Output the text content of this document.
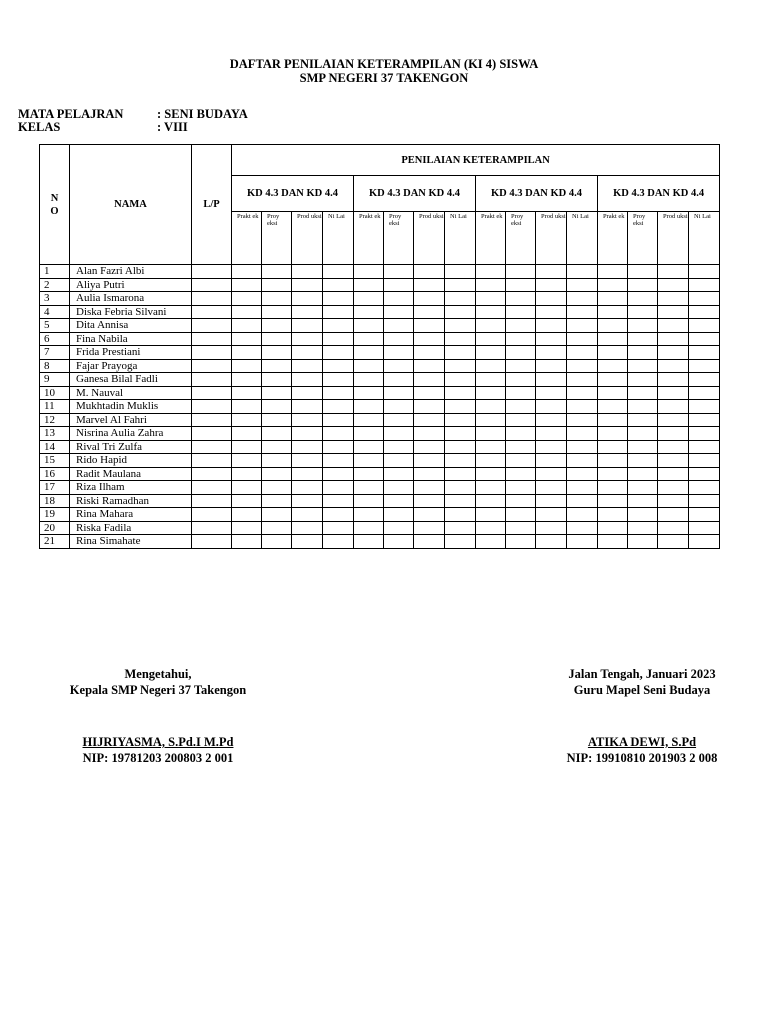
DAFTAR PENILAIAN KETERAMPILAN (KI 4) SISWA
SMP NEGERI 37 TAKENGON
MATA PELAJRAN	: SENI BUDAYA
KELAS	: VIII
N O	NAMA	L/P	PENILAIAN KETERAMPILAN															
			KD 4.3 DAN KD 4.4				KD 4.3 DAN KD 4.4				KD 4.3 DAN KD 4.4				KD 4.3 DAN KD 4.4			
			Prakt ek	Proy eksi	Prod uksi	Ni Lai	Prakt ek	Proy eksi	Prod uksi	Ni Lai	Prakt ek	Proy eksi	Prod uksi	Ni Lai	Prakt ek	Proy eksi	Prod uksi	Ni Lai
1	Alan Fazri Albi																	
2	Aliya Putri																	
3	Aulia Ismarona																	
4	Diska Febria Silvani																	
5	Dita Annisa																	
6	Fina Nabila																	
7	Frida Prestiani																	
8	Fajar Prayoga																	
9	Ganesa Bilal Fadli																	
10	M. Nauval																	
11	Mukhtadin Muklis																	
12	Marvel Al Fahri																	
13	Nisrina Aulia Zahra																	
14	Rival Tri Zulfa																	
15	Rido Hapid																	
16	Radit Maulana																	
17	Riza Ilham																	
18	Riski Ramadhan																	
19	Rina Mahara																	
20	Riska Fadila																	
21	Rina Simahate																	
Mengetahui,
Kepala SMP Negeri 37 Takengon
HIJRIYASMA, S.Pd.I M.Pd
NIP: 19781203 200803 2 001
Jalan Tengah, Januari 2023
Guru Mapel Seni Budaya
ATIKA DEWI, S.Pd
NIP: 19910810 201903 2 008
